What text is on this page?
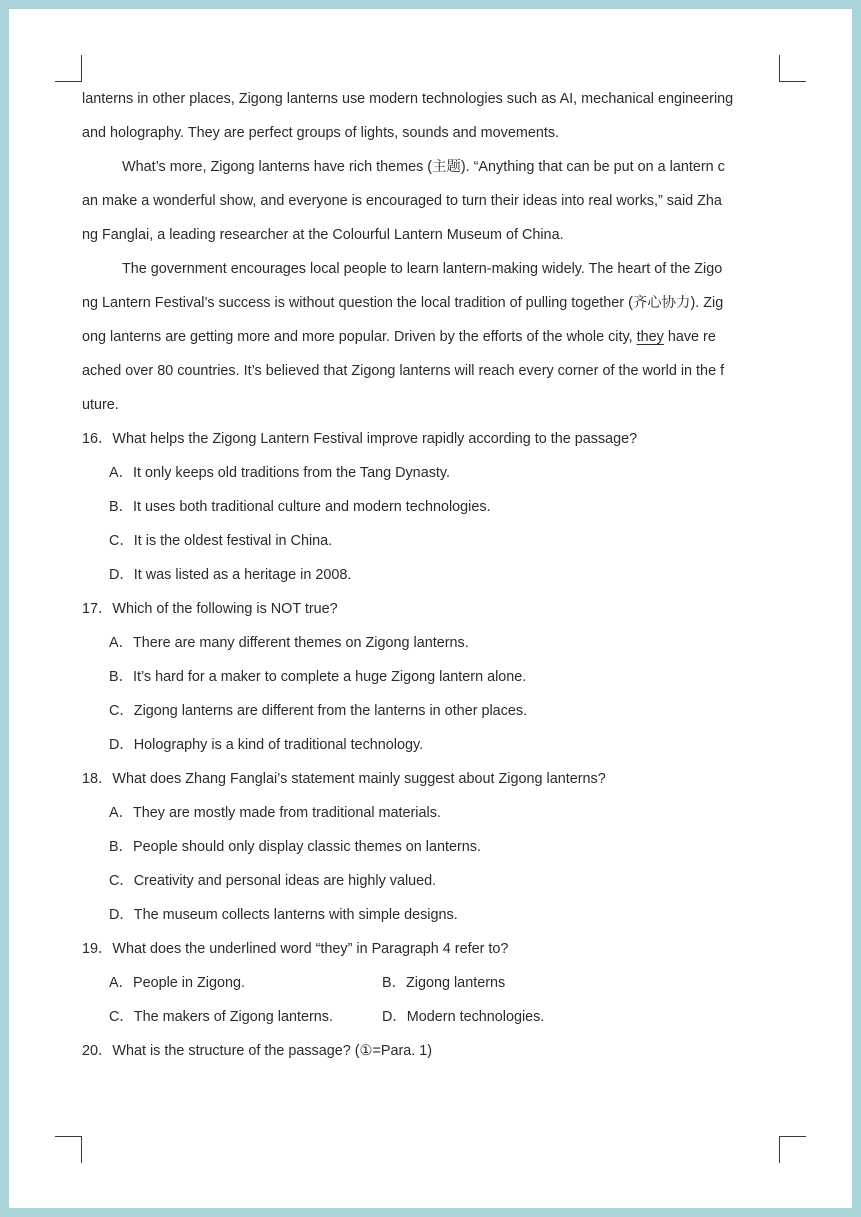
lanterns in other places, Zigong lanterns use modern technologies such as AI, mechanical engineering
and holography. They are perfect groups of lights, sounds and movements.
What’s more, Zigong lanterns have rich themes (主题). “Anything that can be put on a lantern c
an make a wonderful show, and everyone is encouraged to turn their ideas into real works,” said Zha
ng Fanglai, a leading researcher at the Colourful Lantern Museum of China.
The government encourages local people to learn lantern-making widely. The heart of the Zigo
ng Lantern Festival’s success is without question the local tradition of pulling together (齐心协力). Zig
ong lanterns are getting more and more popular. Driven by the efforts of the whole city, they have re
ached over 80 countries. It’s believed that Zigong lanterns will reach every corner of the world in the f
uture.
16．What helps the Zigong Lantern Festival improve rapidly according to the passage?
A．It only keeps old traditions from the Tang Dynasty.
B．It uses both traditional culture and modern technologies.
C．It is the oldest festival in China.
D．It was listed as a heritage in 2008.
17．Which of the following is NOT true?
A．There are many different themes on Zigong lanterns.
B．It’s hard for a maker to complete a huge Zigong lantern alone.
C．Zigong lanterns are different from the lanterns in other places.
D．Holography is a kind of traditional technology.
18．What does Zhang Fanglai’s statement mainly suggest about Zigong lanterns?
A．They are mostly made from traditional materials.
B．People should only display classic themes on lanterns.
C．Creativity and personal ideas are highly valued.
D．The museum collects lanterns with simple designs.
19．What does the underlined word “they” in Paragraph 4 refer to?
A．People in Zigong.	B．Zigong lanterns
C．The makers of Zigong lanterns.	D．Modern technologies.
20．What is the structure of the passage? (①=Para. 1)
